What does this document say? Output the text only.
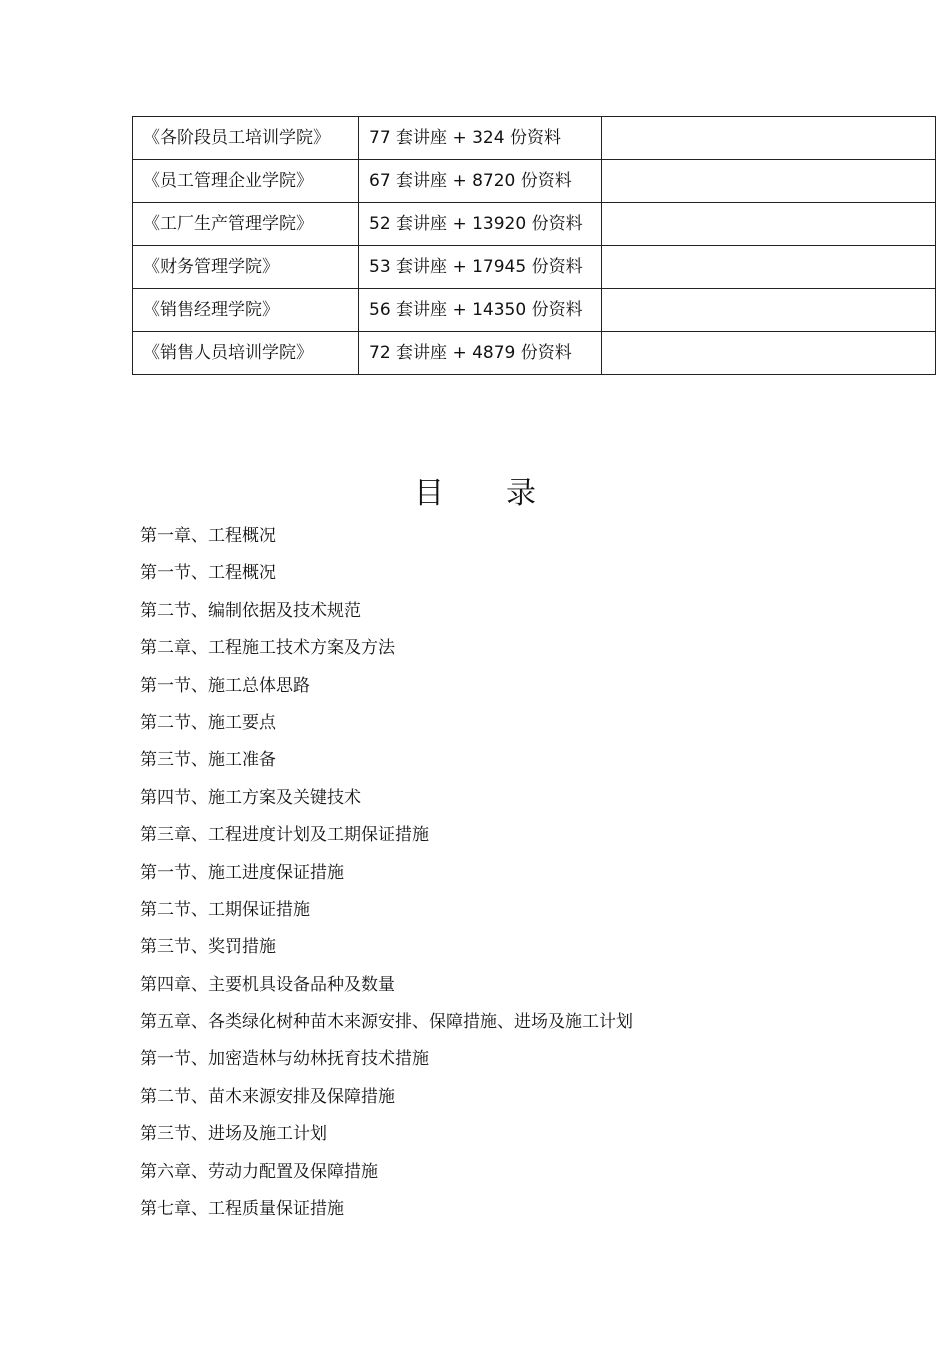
《各阶段员工培训学院》	77 套讲座 + 324 份资料	
《员工管理企业学院》	67 套讲座 + 8720 份资料	
《工厂生产管理学院》	52 套讲座 + 13920 份资料	
《财务管理学院》	53 套讲座 + 17945 份资料	
《销售经理学院》	56 套讲座 + 14350 份资料	
《销售人员培训学院》	72 套讲座 + 4879 份资料	
目 录
第一章、工程概况
第一节、工程概况
第二节、编制依据及技术规范
第二章、工程施工技术方案及方法
第一节、施工总体思路
第二节、施工要点
第三节、施工准备
第四节、施工方案及关键技术
第三章、工程进度计划及工期保证措施
第一节、施工进度保证措施
第二节、工期保证措施
第三节、奖罚措施
第四章、主要机具设备品种及数量
第五章、各类绿化树种苗木来源安排、保障措施、进场及施工计划
第一节、加密造林与幼林抚育技术措施
第二节、苗木来源安排及保障措施
第三节、进场及施工计划
第六章、劳动力配置及保障措施
第七章、工程质量保证措施
